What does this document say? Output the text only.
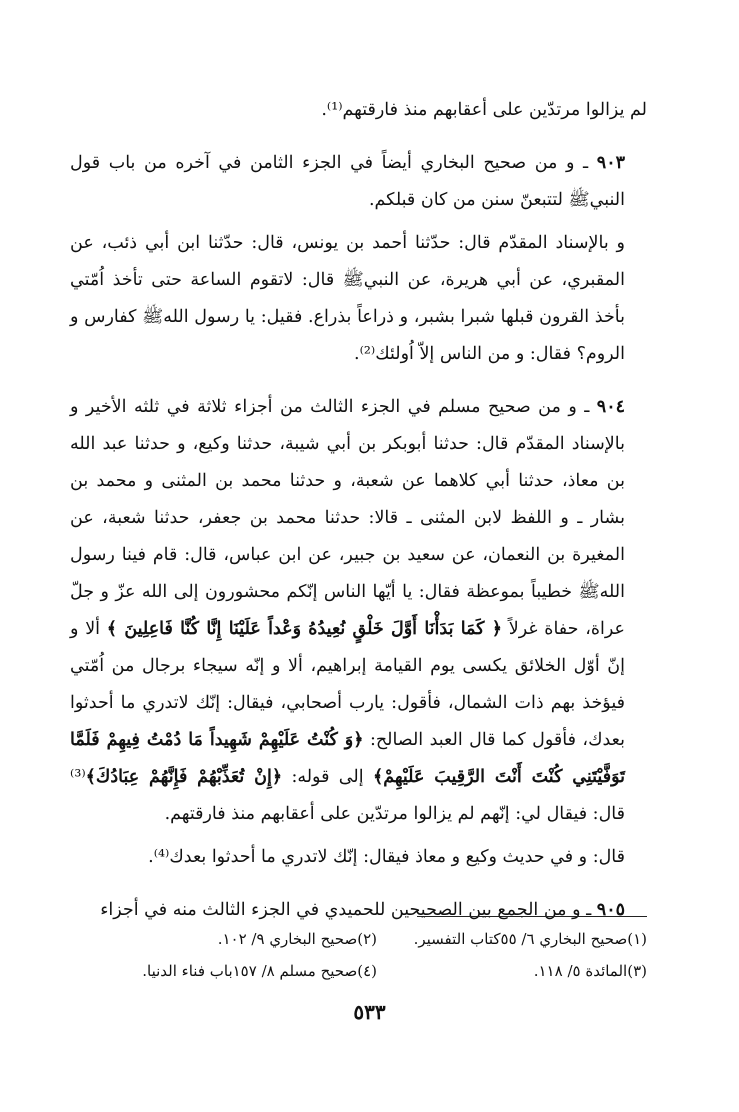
لم يزالوا مرتدّين على أعقابهم منذ فارقتهم⁽¹⁾.

٩٠٣ ـ و من صحيح البخاري أيضاً في الجزء الثامن في آخره من باب قول النبيﷺ لتتبعنّ سنن من كان قبلكم.

و بالإسناد المقدّم قال: حدّثنا أحمد بن يونس، قال: حدّثنا ابن أبي ذئب، عن المقبري، عن أبي هريرة، عن النبيﷺ قال: لاتقوم الساعة حتى تأخذ اُمّتي بأخذ القرون قبلها شبرا بشبر، و ذراعاً بذراع. فقيل: يا رسول اللهﷺ كفارس و الروم؟ فقال: و من الناس إلاّ اُولئك⁽²⁾.

٩٠٤ ـ و من صحيح مسلم في الجزء الثالث من أجزاء ثلاثة في ثلثه الأخير و بالإسناد المقدّم قال: حدثنا أبوبكر بن أبي شيبة، حدثنا وكيع، و حدثنا عبد الله بن معاذ، حدثنا أبي كلاهما عن شعبة، و حدثنا محمد بن المثنى و محمد بن بشار ـ و اللفظ لابن المثنى ـ قالا: حدثنا محمد بن جعفر، حدثنا شعبة، عن المغيرة بن النعمان، عن سعيد بن جبير، عن ابن عباس، قال: قام فينا رسول اللهﷺ خطيباً بموعظة فقال: يا أيّها الناس إنّكم محشورون إلى الله عزّ و جلّ عراة، حفاة غرلاً ﴿ كَمَا بَدَأْنَا أَوَّلَ خَلْقٍ نُعِيدُهُ وَعْداً عَلَيْنَا إِنَّا كُنَّا فَاعِلِينَ ﴾ ألا و إنّ أوّل الخلائق يكسى يوم القيامة إبراهيم، ألا و إنّه سيجاء برجال من اُمّتي فيؤخذ بهم ذات الشمال، فأقول: يارب أصحابي، فيقال: إنّك لاتدري ما أحدثوا بعدك، فأقول كما قال العبد الصالح: ﴿وَ كُنْتُ عَلَيْهِمْ شَهِيداً مَا دُمْتُ فِيهِمْ فَلَمَّا تَوَفَّيْتَنِي كُنْتَ أَنْتَ الرَّقِيبَ عَلَيْهِمْ﴾ إلى قوله: ﴿إِنْ تُعَذِّبْهُمْ فَإِنَّهُمْ عِبَادُكَ﴾⁽³⁾ قال: فيقال لي: إنّهم لم يزالوا مرتدّين على أعقابهم منذ فارقتهم.

قال: و في حديث وكيع و معاذ فيقال: إنّك لاتدري ما أحدثوا بعدك⁽⁴⁾.

٩٠٥ ـ و من الجمع بين الصحيحين للحميدي في الجزء الثالث منه في أجزاء

(١)صحيح البخاري ٦/ ٥٥كتاب التفسير.
(٢)صحيح البخاري ٩/ ١٠٢.
(٣)المائدة ٥/ ١١٨.
(٤)صحيح مسلم ٨/ ١٥٧باب فناء الدنيا.
٥٣٣
